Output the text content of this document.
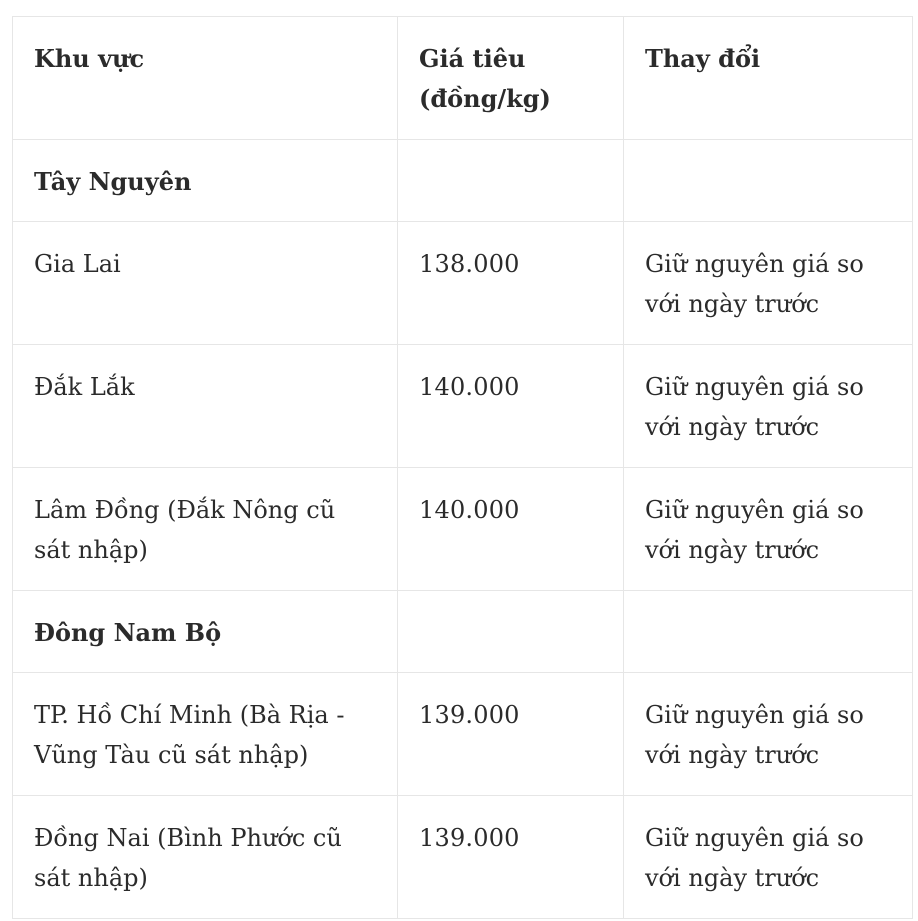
Khu vực	Giá tiêu (đồng/kg)	Thay đổi
Tây Nguyên		
Gia Lai	138.000	Giữ nguyên giá so với ngày trước
Đắk Lắk	140.000	Giữ nguyên giá so với ngày trước
Lâm Đồng (Đắk Nông cũ sát nhập)	140.000	Giữ nguyên giá so với ngày trước
Đông Nam Bộ		
TP. Hồ Chí Minh (Bà Rịa - Vũng Tàu cũ sát nhập)	139.000	Giữ nguyên giá so với ngày trước
Đồng Nai (Bình Phước cũ sát nhập)	139.000	Giữ nguyên giá so với ngày trước
